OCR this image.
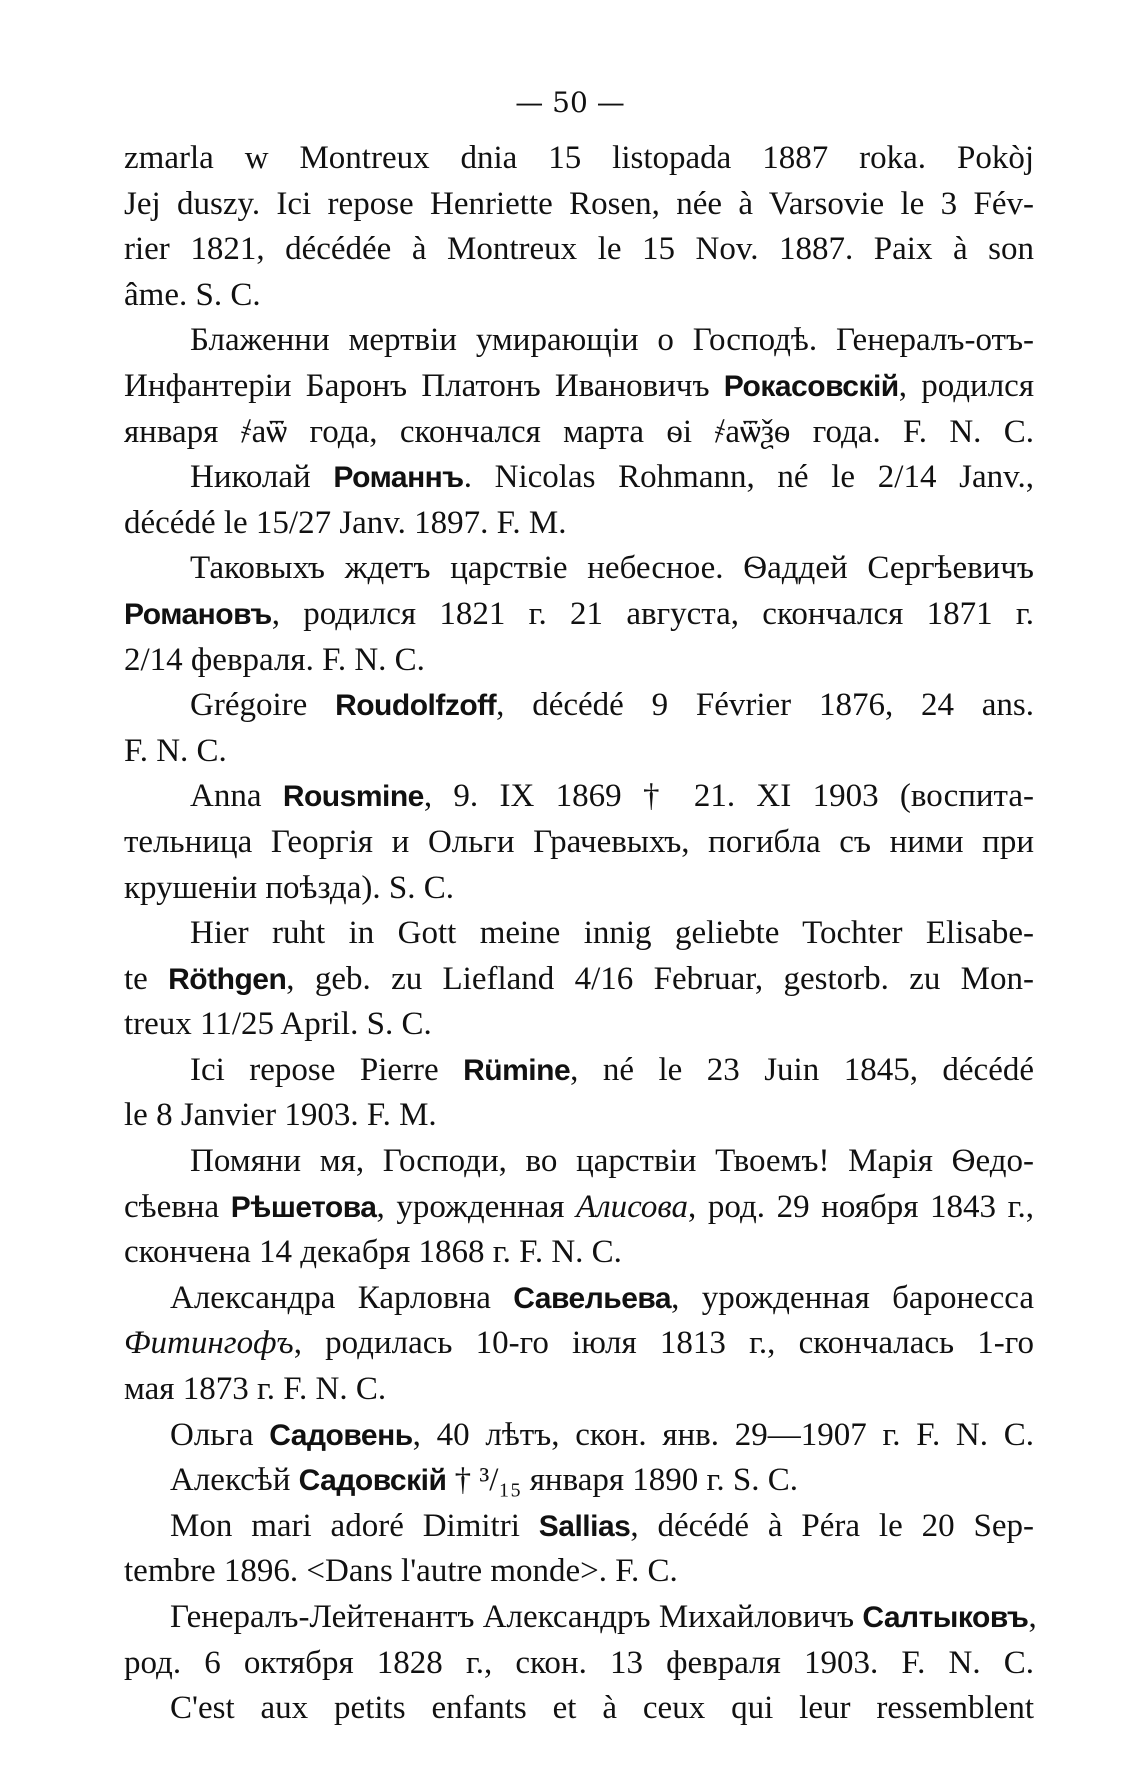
— 50 —
zmarla w Montreux dnia 15 listopada 1887 roka. Pokòj
Jej duszy. Ici repose Henriette Rosen, née à Varsovie le 3 Fév-
rier 1821, décédée à Montreux le 15 Nov. 1887. Paix à son
âme. S. C.
Блаженни мертвіи умирающіи о Господѣ. Генералъ-отъ-
Инфантеріи Баронъ Платонъ Ивановичъ Рокасовскій, родился
января ҂аѿ года, скончался марта ѳі ҂аѿѯѳ года. F. N. C.
Николай Романнъ. Nicolas Rohmann, né le 2/14 Janv.,
décédé le 15/27 Janv. 1897. F. M.
Таковыхъ ждетъ царствіе небесное. Ѳаддей Сергѣевичъ
Романовъ, родился 1821 г. 21 августа, скончался 1871 г.
2/14 февраля. F. N. C.
Grégoire Roudolfzoff, décédé 9 Février 1876, 24 ans.
F. N. C.
Anna Rousmine, 9. IX 1869 † 21. XI 1903 (воспита-
тельница Георгія и Ольги Грачевыхъ, погибла съ ними при
крушеніи поѣзда). S. C.
Hier ruht in Gott meine innig geliebte Tochter Elisabe-
te Röthgen, geb. zu Liefland 4/16 Februar, gestorb. zu Mon-
treux 11/25 April. S. C.
Ici repose Pierre Rümine, né le 23 Juin 1845, décédé
le 8 Janvier 1903. F. M.
Помяни мя, Господи, во царствіи Твоемъ! Марія Ѳедо-
сѣевна Рѣшетова, урожденная Алисова, род. 29 ноября 1843 г.,
скончена 14 декабря 1868 г. F. N. C.
Александра Карловна Савельева, урожденная баронесса
Фитингофъ, родилась 10-го іюля 1813 г., скончалась 1-го
мая 1873 г. F. N. C.
Ольга Садовень, 40 лѣтъ, скон. янв. 29—1907 г. F. N. C.
Алексѣй Садовскій † ³/₁₅ января 1890 г. S. C.
Mon mari adoré Dimitri Sallias, décédé à Péra le 20 Sep-
tembre 1896. <Dans l'autre monde>. F. C.
Генералъ-Лейтенантъ Александръ Михайловичъ Салтыковъ,
род. 6 октября 1828 г., скон. 13 февраля 1903. F. N. C.
C'est aux petits enfants et à ceux qui leur ressemblent
